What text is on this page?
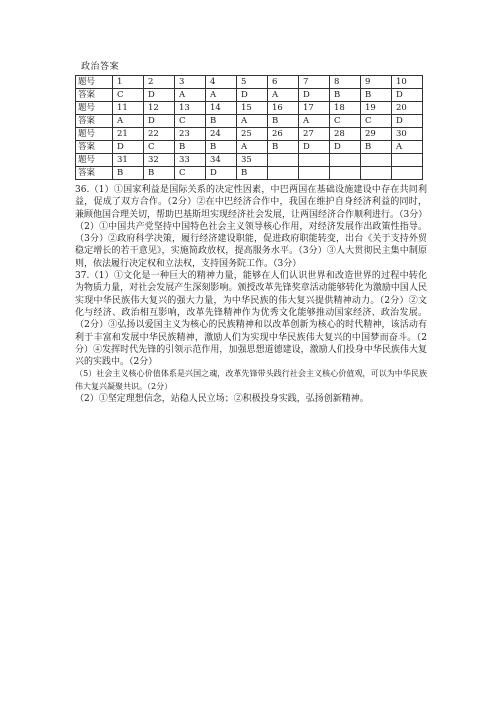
政治答案
题号	1	2	3	4	5	6	7	8	9	10
答案	C	D	A	A	D	A	D	B	B	D
题号	11	12	13	14	15	16	17	18	19	20
答案	A	D	C	B	A	B	A	C	C	D
题号	21	22	23	24	25	26	27	28	29	30
答案	D	C	B	B	A	B	D	D	B	A
题号	31	32	33	34	35					
答案	B	B	C	D	B					

36.（1）①国家利益是国际关系的决定性因素，中巴两国在基础设施建设中存在共同利益，促成了双方合作。（2分）②在中巴经济合作中，我国在维护自身经济利益的同时，兼顾他国合理关切，帮助巴基斯坦实现经济社会发展，让两国经济合作顺利进行。（3分）

（2）①中国共产党坚持中国特色社会主义领导核心作用，对经济发展作出政策性指导。（3分）②政府科学决策，履行经济建设职能，促进政府职能转变，出台《关于支持外贸稳定增长的若干意见》，实施简政放权，提高服务水平。（3分）③人大贯彻民主集中制原则，依法履行决定权和立法权，支持国务院工作。（3分）

37.（1）①文化是一种巨大的精神力量，能够在人们认识世界和改造世界的过程中转化为物质力量，对社会发展产生深刻影响。颁授改革先锋奖章活动能够转化为激励中国人民实现中华民族伟大复兴的强大力量，为中华民族的伟大复兴提供精神动力。（2分）②文化与经济、政治相互影响，改革先锋精神作为优秀文化能够推动国家经济、政治发展。（2分）③弘扬以爱国主义为核心的民族精神和以改革创新为核心的时代精神，该活动有利于丰富和发展中华民族精神，激励人们为实现中华民族伟大复兴的中国梦而奋斗。（2分）④发挥时代先锋的引领示范作用，加强思想道德建设，激励人们投身中华民族伟大复兴的实践中。（2分）

（5）社会主义核心价值体系是兴国之魂，改革先锋带头践行社会主义核心价值观，可以为中华民族伟大复兴凝聚共识。（2分）

（2）①坚定理想信念，站稳人民立场；②积极投身实践，弘扬创新精神。
